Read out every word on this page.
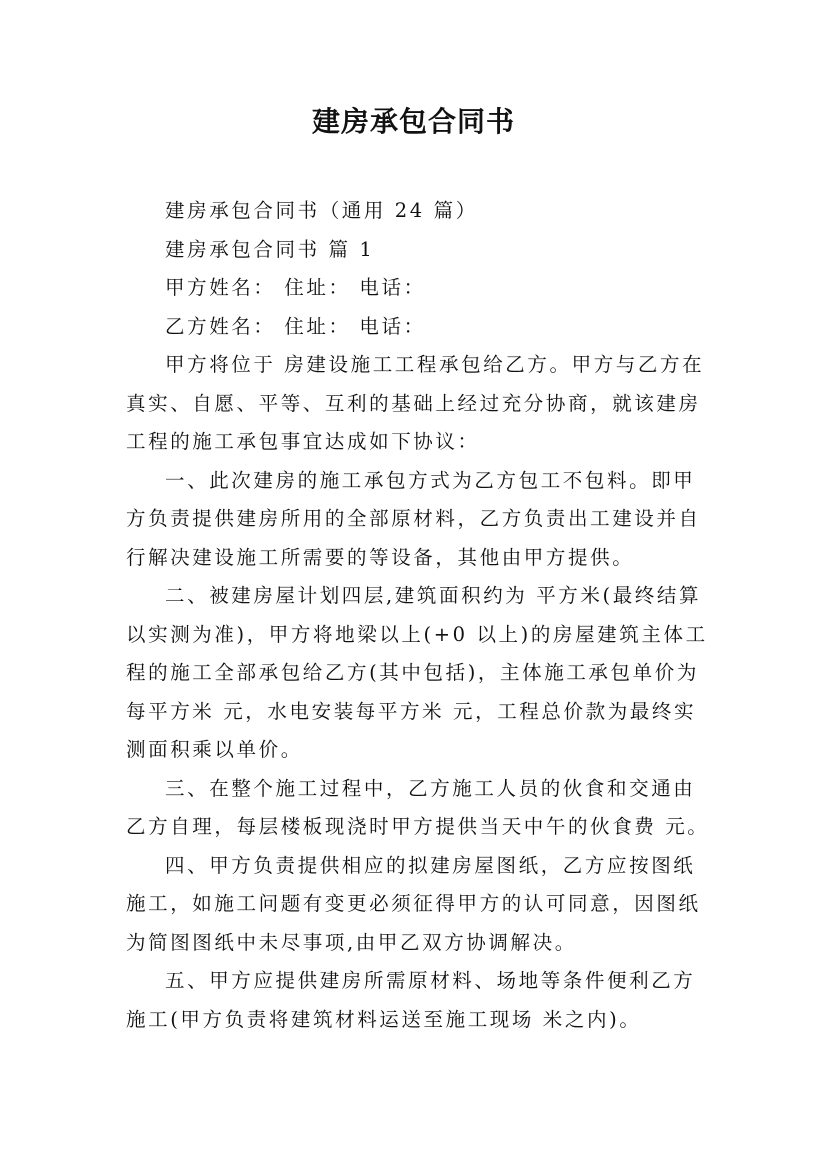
建房承包合同书

建房承包合同书（通用 24 篇）

建房承包合同书 篇 1

甲方姓名： 住址： 电话：

乙方姓名： 住址： 电话：

甲方将位于 房建设施工工程承包给乙方。甲方与乙方在真实、自愿、平等、互利的基础上经过充分协商，就该建房工程的施工承包事宜达成如下协议：

一、此次建房的施工承包方式为乙方包工不包料。即甲方负责提供建房所用的全部原材料，乙方负责出工建设并自行解决建设施工所需要的等设备，其他由甲方提供。

二、被建房屋计划四层,建筑面积约为 平方米(最终结算以实测为准)，甲方将地梁以上(+0 以上)的房屋建筑主体工程的施工全部承包给乙方(其中包括)，主体施工承包单价为每平方米 元，水电安装每平方米 元，工程总价款为最终实测面积乘以单价。

三、在整个施工过程中，乙方施工人员的伙食和交通由乙方自理，每层楼板现浇时甲方提供当天中午的伙食费 元。

四、甲方负责提供相应的拟建房屋图纸，乙方应按图纸施工，如施工问题有变更必须征得甲方的认可同意，因图纸为简图图纸中未尽事项,由甲乙双方协调解决。

五、甲方应提供建房所需原材料、场地等条件便利乙方施工(甲方负责将建筑材料运送至施工现场 米之内)。
